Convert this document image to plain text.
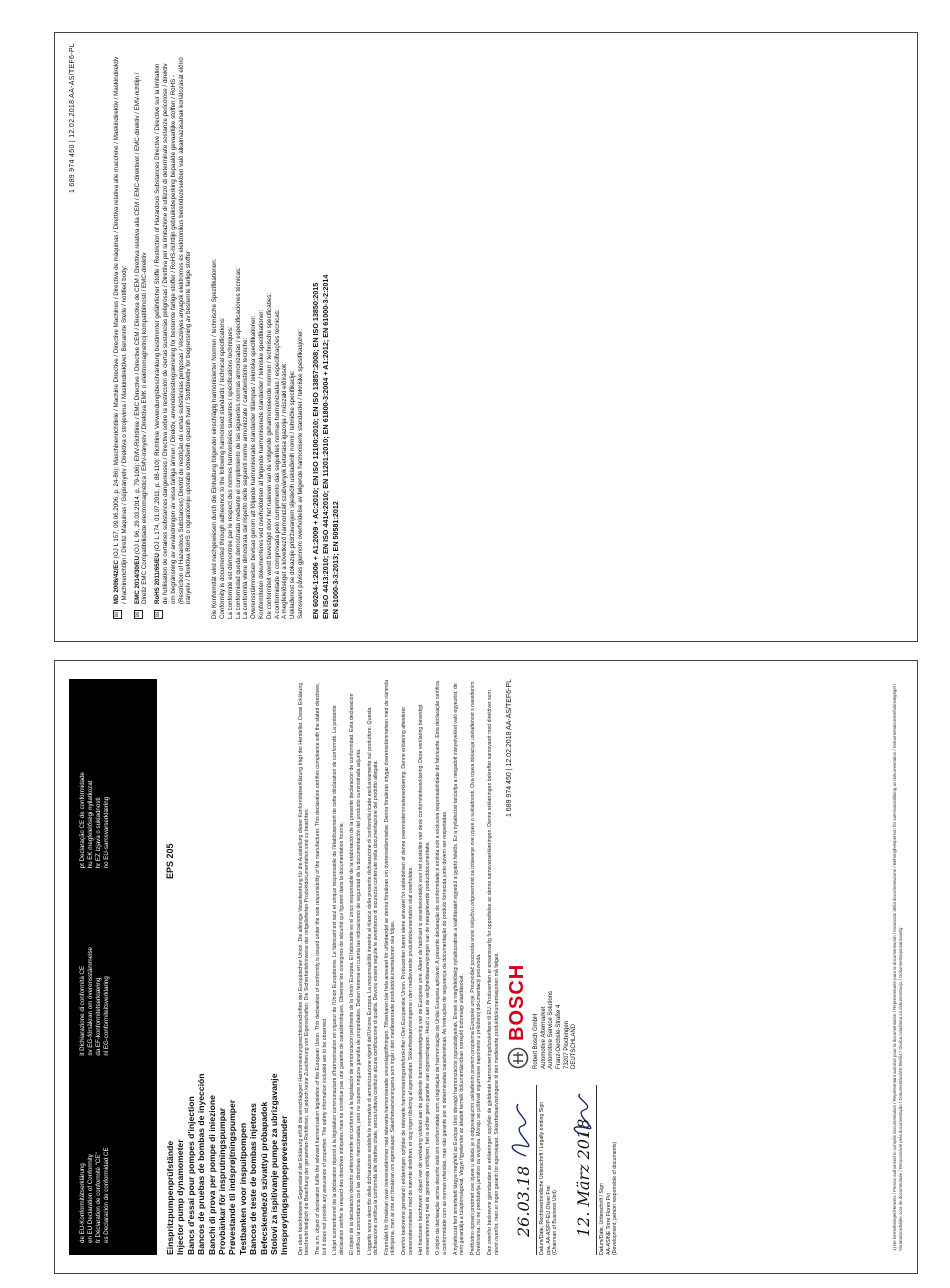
1 689 974 450 | 12.02.2018 AA-AS/TEF6-PL
☒
MD 2006/42/EC (OJ L 157, 09.06.2006, p. 24-86): Maschinenrichtlinie / Machine Directive / Directive Machines / Directiva de máquinas / Direttiva relativa alle macchine / Maskindirektiv / Maskindirektiv / Machinerichtlijn / Diretiz Máquinas / Gépirányelv / Direktiva o strojevima / Maskindirektivet. Benannte Stelle / notified body:
☒
EMC 2014/30/EU (OJ L 96, 29.03.2014, p. 79-106): EMV-Richtlinie / EMC Directive / Directive CEM / Directiva de CEM / Direttiva relativa alla CEM / EMC-direktivet / EMC-direktiv / EMV-richtlijn / Diretiz EMC Compatibilidade electromagnética / EMV-irányelv / Direktiva EMK o elektromagnetnoj kompatibilnosti / EMC-direktiv
☒
RoHS 2011/65/EU (OJ L 174, 01.07.2011, p. 88-110): Richtlinie Verwendungsbeschränkung bestimmter gefährlicher Stoffe / Restriction of Hazardous Substances Directive / Directive sur la limitation de l'utilisation de certaines substances dangereuses / Directiva sobre la restricción de ciertas sustancias peligrosas / Direttiva per la limitazione di utilizzo di determinate sostanze pericolose / direktiv om begränsning av användningen av vissa farliga ämnen / Direktiv, anvendelsesbegrænsning for bestemte farlige stoffer / RoHS-richtlijn gebruiksbeperking bepaalde gevaarlijke stoffen / RoHS - (Restriction of Hazardous Substances) Diretriz de restrição de certas substâncias perigosas / Veszélyes anyagok elektromos és elektronikus berendezésekben való alkalmazásának korlátozását előíró irányelv / Direktiva RoHS o ograničenju uporabe određenih opasnih tvari / Stoffdirektiv for begrensning av bestemte farlige stoffer	Die Konformität wird nachgewiesen durch die Einhaltung folgender einschlägig harmonisierter Normen / technische Spezifikationen: Conformity is documented through adherence to the following harmonised standards / technical specifications: La conformité est démontrée par le respect des normes harmonisées suivantes / spécifications techniques: La conformidad queda demostrada mediante el cumplimiento de las siguientes normas armonizadas / especificaciones técnicas: La conformità viene dimostrata dal rispetto delle seguenti norme armonizzate / caratteristiche tecniche: Överensstämmelsen bevisas genom att följande harmoniserade standarder tillämpas / tekniska specifikationer: Konformiteten dokumenteres ved overholdelsen af følgende harmoniserede standarder / tekniske specifikationer: De conformiteit wordt bevestigd door het naleven van de volgende geharmoniseerde normen / technische specificaties: A conformidade é comprovada pelo cumprimento das seguintes normas harmonizadas / especificações técnicas: A megfelelőséget a következő harmonizált szabványok betartása igazolja / műszaki előírások: Usklađenost se dokazuje pridržavanjem sljedećih usklađenih normi / tehničke specifikacije: Samsvaret påvises gjennom overholdelse av følgende harmoniserte standarder / tekniske spesifikasjoner: EN 60204-1:2006 + A1:2009 + AC:2010; EN ISO 12100:2010; EN ISO 13857:2008; EN ISO 13850:2015 EN ISO 4413:2010; EN ISO 4414:2010; EN 11201:2010; EN 61800-3:2004 + A1:2012; EN 61000-3-2:2014 EN 61000-3-3:2013; EN 50581:2012
de EU-Konformitätserklärung en EU Declaration of Conformity fr Déclaration de conformité "CE" es Declaración de conformidad CE
it Dichiarazione di conformità CE sv EG-försäkran om överensstämmelse da EF-konformitetserklæring nl EG-conformiteitsverklaring
pt Declaração CE de conformidade hu EK megfelelőségi nyilatkozat hr EZ Izjava o sukladnosti no EU-samsvarserklæring
Einspritzpumpenprüfstände Injector pump dynamometer Bancs d'essai pour pompes d'injection Bancos de pruebas de bombas de inyección Banchi di prova per pompe di iniezione Provbänkar för insprutningspumpar Prøvestande til indsprøjtningspumper Testbanken voor inspuitpompen Bancos de teste de bombas injetoras Befecskendező szivattyú próbapadok Stolovi za ispitivanje pumpe za ubrizgavanje Innsprøytingspumpeprøvestander
EPS 205	Der oben beschriebene Gegenstand der Erklärung erfüllt die einschlägigen Harmonisierungsrechtsvorschriften der Europäischen Union. Die alleinige Verantwortung für die Ausstellung dieser Konformitätserklärung trägt der Hersteller. Diese Erklärung beschreibt lediglich die Beachtung der genannten Richtlinien, ist jedoch keine Zusicherung von Eigenschaften. Die Sicherheitshinweise der mitgelieferten Produktdokumentation sind zu beachten. The a.m. object of declaration fulfils the relevant harmonization legislation of the European Union. This declaration of conformity is issued under the sole responsibility of the manufacturer. This declaration certifies compliance with the stated directives, but it does not provide any assurance of properties. The safety information included are to be observed. L'objet susmentionné de la déclaration répond à la législation communautaire d'harmonisation en vigueur de l'Union Européenne. Le fabricant est seul et unique responsable de l'établissement de cette déclaration de conformité. La présente déclaration certifie le respect des directives indiquées mais ne constitue pas une garantie de caractéristiques. Observer les consignes de sécurité qui figurent dans la documentation fournie. El objeto de la declaración descrito anteriormente es conforme a la legislación de armonización pertinente de la Unión Europea. El fabricante es el único responsable de la elaboración de la presente declaración de conformidad. Esta declaración certifica la concordancia con las directivas mencionadas, pero no supone ninguna garantía de propiedades. Deben tenerse en cuenta las indicaciones de seguridad de la documentación del producto suministrada adjunta. L'oggetto sopra descritto della dichiarazione soddisfa le normative di armonizzazione vigenti dell'Unione Europea. La responsabilità inerente al rilascio della presente dichiarazione di conformità ricade esclusivamente sul produttore. Questa dichiarazione certifica la conformità alle direttive citate, senza tuttavia costituire alcuna certificazione di qualità. Devono essere seguite le avvertenze di sicurezza contenute nella documentazione del prodotto allegata. Föremålet för försäkran ovan överensstämmer med relevanta harmoniserade unionslagstiftningen. Tillverkaren bär hela ansvaret för utfärdandet av denna försäkran om överensstämmelse. Denna försäkran intygar överensstämmelsen med de nämnda riktlinjerna, men är inte en försäkran om egenskaper. Säkerhetsanvisningarna som ingår i den medlevererade produktdokumentationen ska följas. Ovenfor beskrevne genstand i erklæringen opfylder de relevante harmoniseringsretsforskrifter i Den Europæiske Union. Producenten bærer alene ansvaret for udstedelsen af denne overensstemmelseserklæring. Denne erklæring attesterer overensstemmelsen med de nævnte direktiver, er dog ingen tilsikring af egenskaber. Sikkerhedsanvisningerne i den medleverede produktdokumentation skal overholdes. Het hierboven beschreven object van de verklaring voldoet aan de geldende harmonisatiewetgeving van de Europese unie. Alleen de fabrikant is verantwoordelijk voor het opstellen van deze conformiteitsverklaring. Deze verklaring bevestigt overeenstemming met de genoemde richtlijnen, het is echter geen garantie van eigenschappen. Houd u aan de veiligheidsaanwijzingen van de meegeleverde productdocumentatie. O objeto da declaração acima descrito está em conformidade com a legislação de harmonização da União Europeia aplicável. A presente declaração de conformidade é emitida sob a exclusiva responsabilidade do fabricante. Esta declaração certifica a conformidade com as normas referidas, mas não garante por si determinadas características. As instruções de segurança da documentação do produto fornecida junto devem ser respeitadas. A nyilatkozat fent ismertetett tárgya megfelel az Európai Unió idevágó harmonizációs jogszabályainak. Ennek a megfelelőségi nyilatkozatnak a kiállításáért egyedül a gyártó felelős. Ez a nyilatkozat tanúsítja a megadott irányelvekkel való egyezést, de nem garantálja a tulajdonságokat. Vegye figyelembe az átadott termék dokumentációban szereplő biztonsági utasításokat. Prethodno opisani predmet ove izjave u skladu je s odgovarajućim usklađenim pravnim propisima Europske unije. Proizvođač proizvoda snosi isključivu odgovornost za izdavanje ove izjave o sukladnosti. Ova izjava dokazuje usklađenost s navedenim Direktivama, no ne predstavlja jamstvo za svojstva. Moraju se poštivati sigurnosne napomene u priloženoj dokumentaciji proizvoda. Den ovenfor beskrevne gjenstanden av erklæringen oppfyller de gjeldende harmoniseringsforskriftene til EU. Produsenten er eneansvarlig for opprettelse av denne samsvarserklæringen. Denne erklæringen bekrefter samsvaret med direktiver som nevnt ovenfor, men er ingen garanti for egenskaper. Sikkerhetsanvisningene til den medleverte produktdokumentasjonen må følges. 26.03.18
Datum/Date, Rechtsverbindliche Unterschrift / Legally binding Sign
ppa. AA-AS/PP-EU Oliver Frei
(Chairman of Business Unit) 12. März 2018
Datum/Date, Unterschrift / Sign
AA-AS/NE Torre Flores Pio
(Development, person responsible of documents)
BOSCH
Robert Bosch GmbH Automotive Aftermarket Automotive Service Solutions Franz-Oechsle-Straße 4 73207 Plochingen DEUTSCHLAND
1 689 974 450 | 12.02.2018 AA-AS/TEF6-PL	1) De bemerkninger/Hinweis / Person authorised to compile documentation / Représentant autorisé pour la documentation / Representante para la documentación / Incaricato della documentazione / Behörighetsperson för sammanställning av dokumentation / Dokumentationsbefuldmægtiget / Verantwoordelijke voor de documentatie / Responsável pela documentação / Dokumentációért felelős / Osoba ovlaštena za dokumentaciju / Dokumentasjonsansvarlig
